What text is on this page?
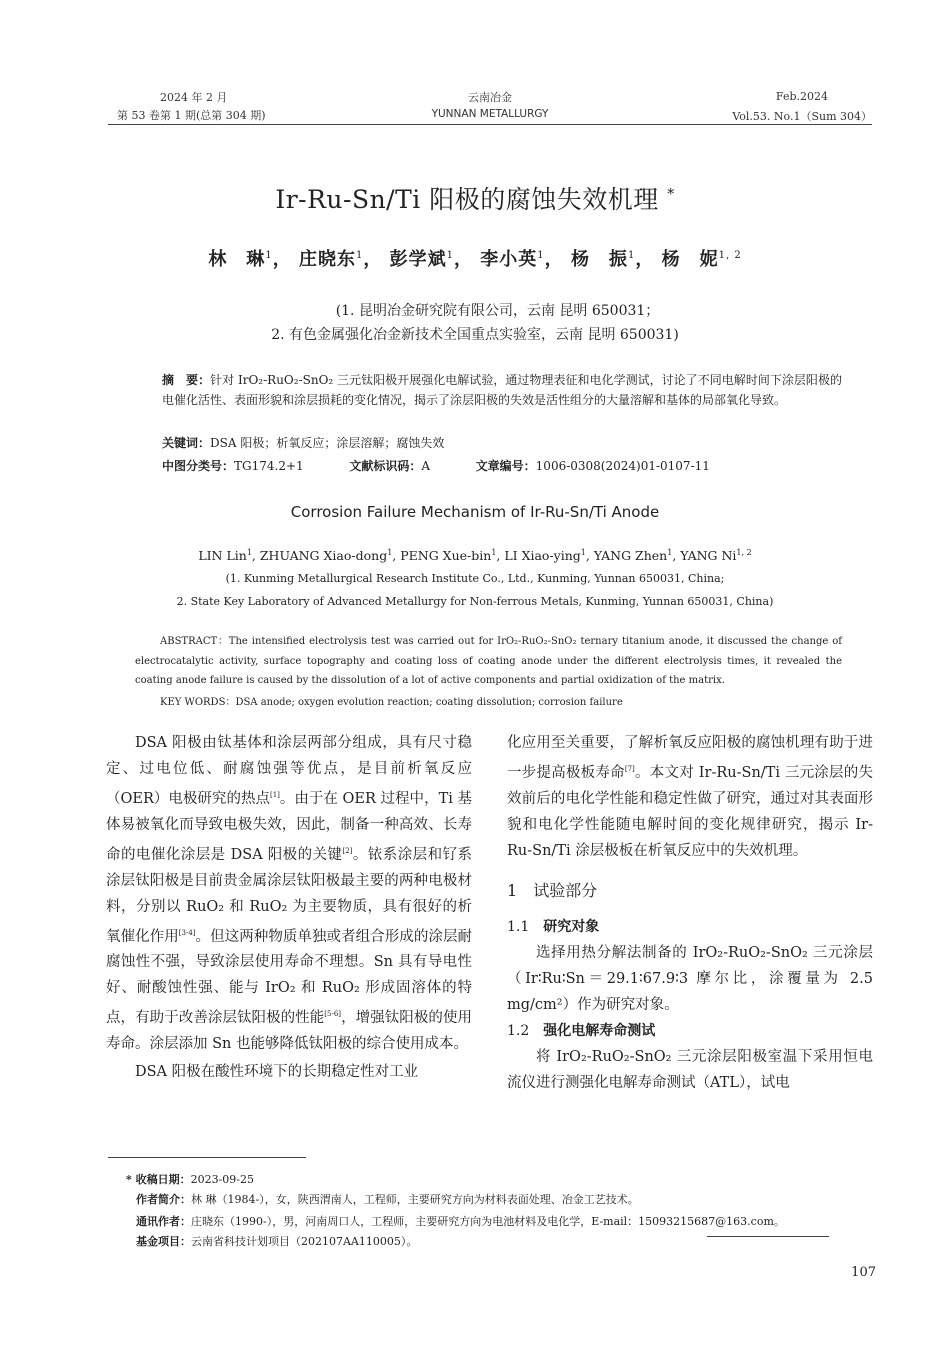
2024 年 2 月
第 53 卷第 1 期(总第 304 期)
云南冶金
YUNNAN METALLURGY
Feb.2024
Vol.53. No.1（Sum 304）
Ir-Ru-Sn/Ti 阳极的腐蚀失效机理 *
林　琳$^1$， 庄晓东$^1$， 彭学斌$^1$， 李小英$^1$， 杨　振$^1$， 杨　妮$^{1, 2}$
(1. 昆明冶金研究院有限公司，云南 昆明 650031；
2. 有色金属强化冶金新技术全国重点实验室，云南 昆明 650031)
摘　要：针对 IrO₂-RuO₂-SnO₂ 三元钛阳极开展强化电解试验，通过物理表征和电化学测试，讨论了不同电解时间下涂层阳极的电催化活性、表面形貌和涂层损耗的变化情况，揭示了涂层阳极的失效是活性组分的大量溶解和基体的局部氧化导致。
关键词：DSA 阳极；析氧反应；涂层溶解；腐蚀失效
中图分类号：TG174.2+1	文献标识码：A	文章编号：1006-0308(2024)01-0107-11
Corrosion Failure Mechanism of Ir-Ru-Sn/Ti Anode
LIN Lin$^1$, ZHUANG Xiao-dong$^1$, PENG Xue-bin$^1$, LI Xiao-ying$^1$, YANG Zhen$^1$, YANG Ni$^{1, 2}$
(1. Kunming Metallurgical Research Institute Co., Ltd., Kunming, Yunnan 650031, China;
2. State Key Laboratory of Advanced Metallurgy for Non-ferrous Metals, Kunming, Yunnan 650031, China)
ABSTRACT：The intensified electrolysis test was carried out for IrO₂-RuO₂-SnO₂ ternary titanium anode, it discussed the change of electrocatalytic activity, surface topography and coating loss of coating anode under the different electrolysis times, it revealed the coating anode failure is caused by the dissolution of a lot of active components and partial oxidization of the matrix.
KEY WORDS：DSA anode; oxygen evolution reaction; coating dissolution; corrosion failure

DSA 阳极由钛基体和涂层两部分组成，具有尺寸稳定、过电位低、耐腐蚀强等优点，是目前析氧反应（OER）电极研究的热点[1]。由于在 OER 过程中，Ti 基体易被氧化而导致电极失效，因此，制备一种高效、长寿命的电催化涂层是 DSA 阳极的关键[2]。铱系涂层和钌系涂层钛阳极是目前贵金属涂层钛阳极最主要的两种电极材料，分别以 RuO₂ 和 RuO₂ 为主要物质，具有很好的析氧催化作用[3-4]。但这两种物质单独或者组合形成的涂层耐腐蚀性不强，导致涂层使用寿命不理想。Sn 具有导电性好、耐酸蚀性强、能与 IrO₂ 和 RuO₂ 形成固溶体的特点，有助于改善涂层钛阳极的性能[5-6]，增强钛阳极的使用寿命。涂层添加 Sn 也能够降低钛阳极的综合使用成本。

DSA 阳极在酸性环境下的长期稳定性对工业

化应用至关重要，了解析氧反应阳极的腐蚀机理有助于进一步提高极板寿命[7]。本文对 Ir-Ru-Sn/Ti 三元涂层的失效前后的电化学性能和稳定性做了研究，通过对其表面形貌和电化学性能随电解时间的变化规律研究，揭示 Ir-Ru-Sn/Ti 涂层极板在析氧反应中的失效机理。

1 试验部分
1.1 研究对象

选择用热分解法制备的 IrO₂-RuO₂-SnO₂ 三元涂层（Ir∶Ru∶Sn＝29.1∶67.9∶3 摩尔比，涂覆量为 2.5 mg/cm²）作为研究对象。

1.2 强化电解寿命测试

将 IrO₂-RuO₂-SnO₂ 三元涂层阳极室温下采用恒电流仪进行测强化电解寿命测试（ATL），试电

* 收稿日期：2023-09-25
作者简介：林 琳（1984-），女，陕西渭南人，工程师，主要研究方向为材料表面处理、冶金工艺技术。
通讯作者：庄晓东（1990-），男，河南周口人，工程师，主要研究方向为电池材料及电化学，E-mail：15093215687@163.com。
基金项目：云南省科技计划项目（202107AA110005）。
107
